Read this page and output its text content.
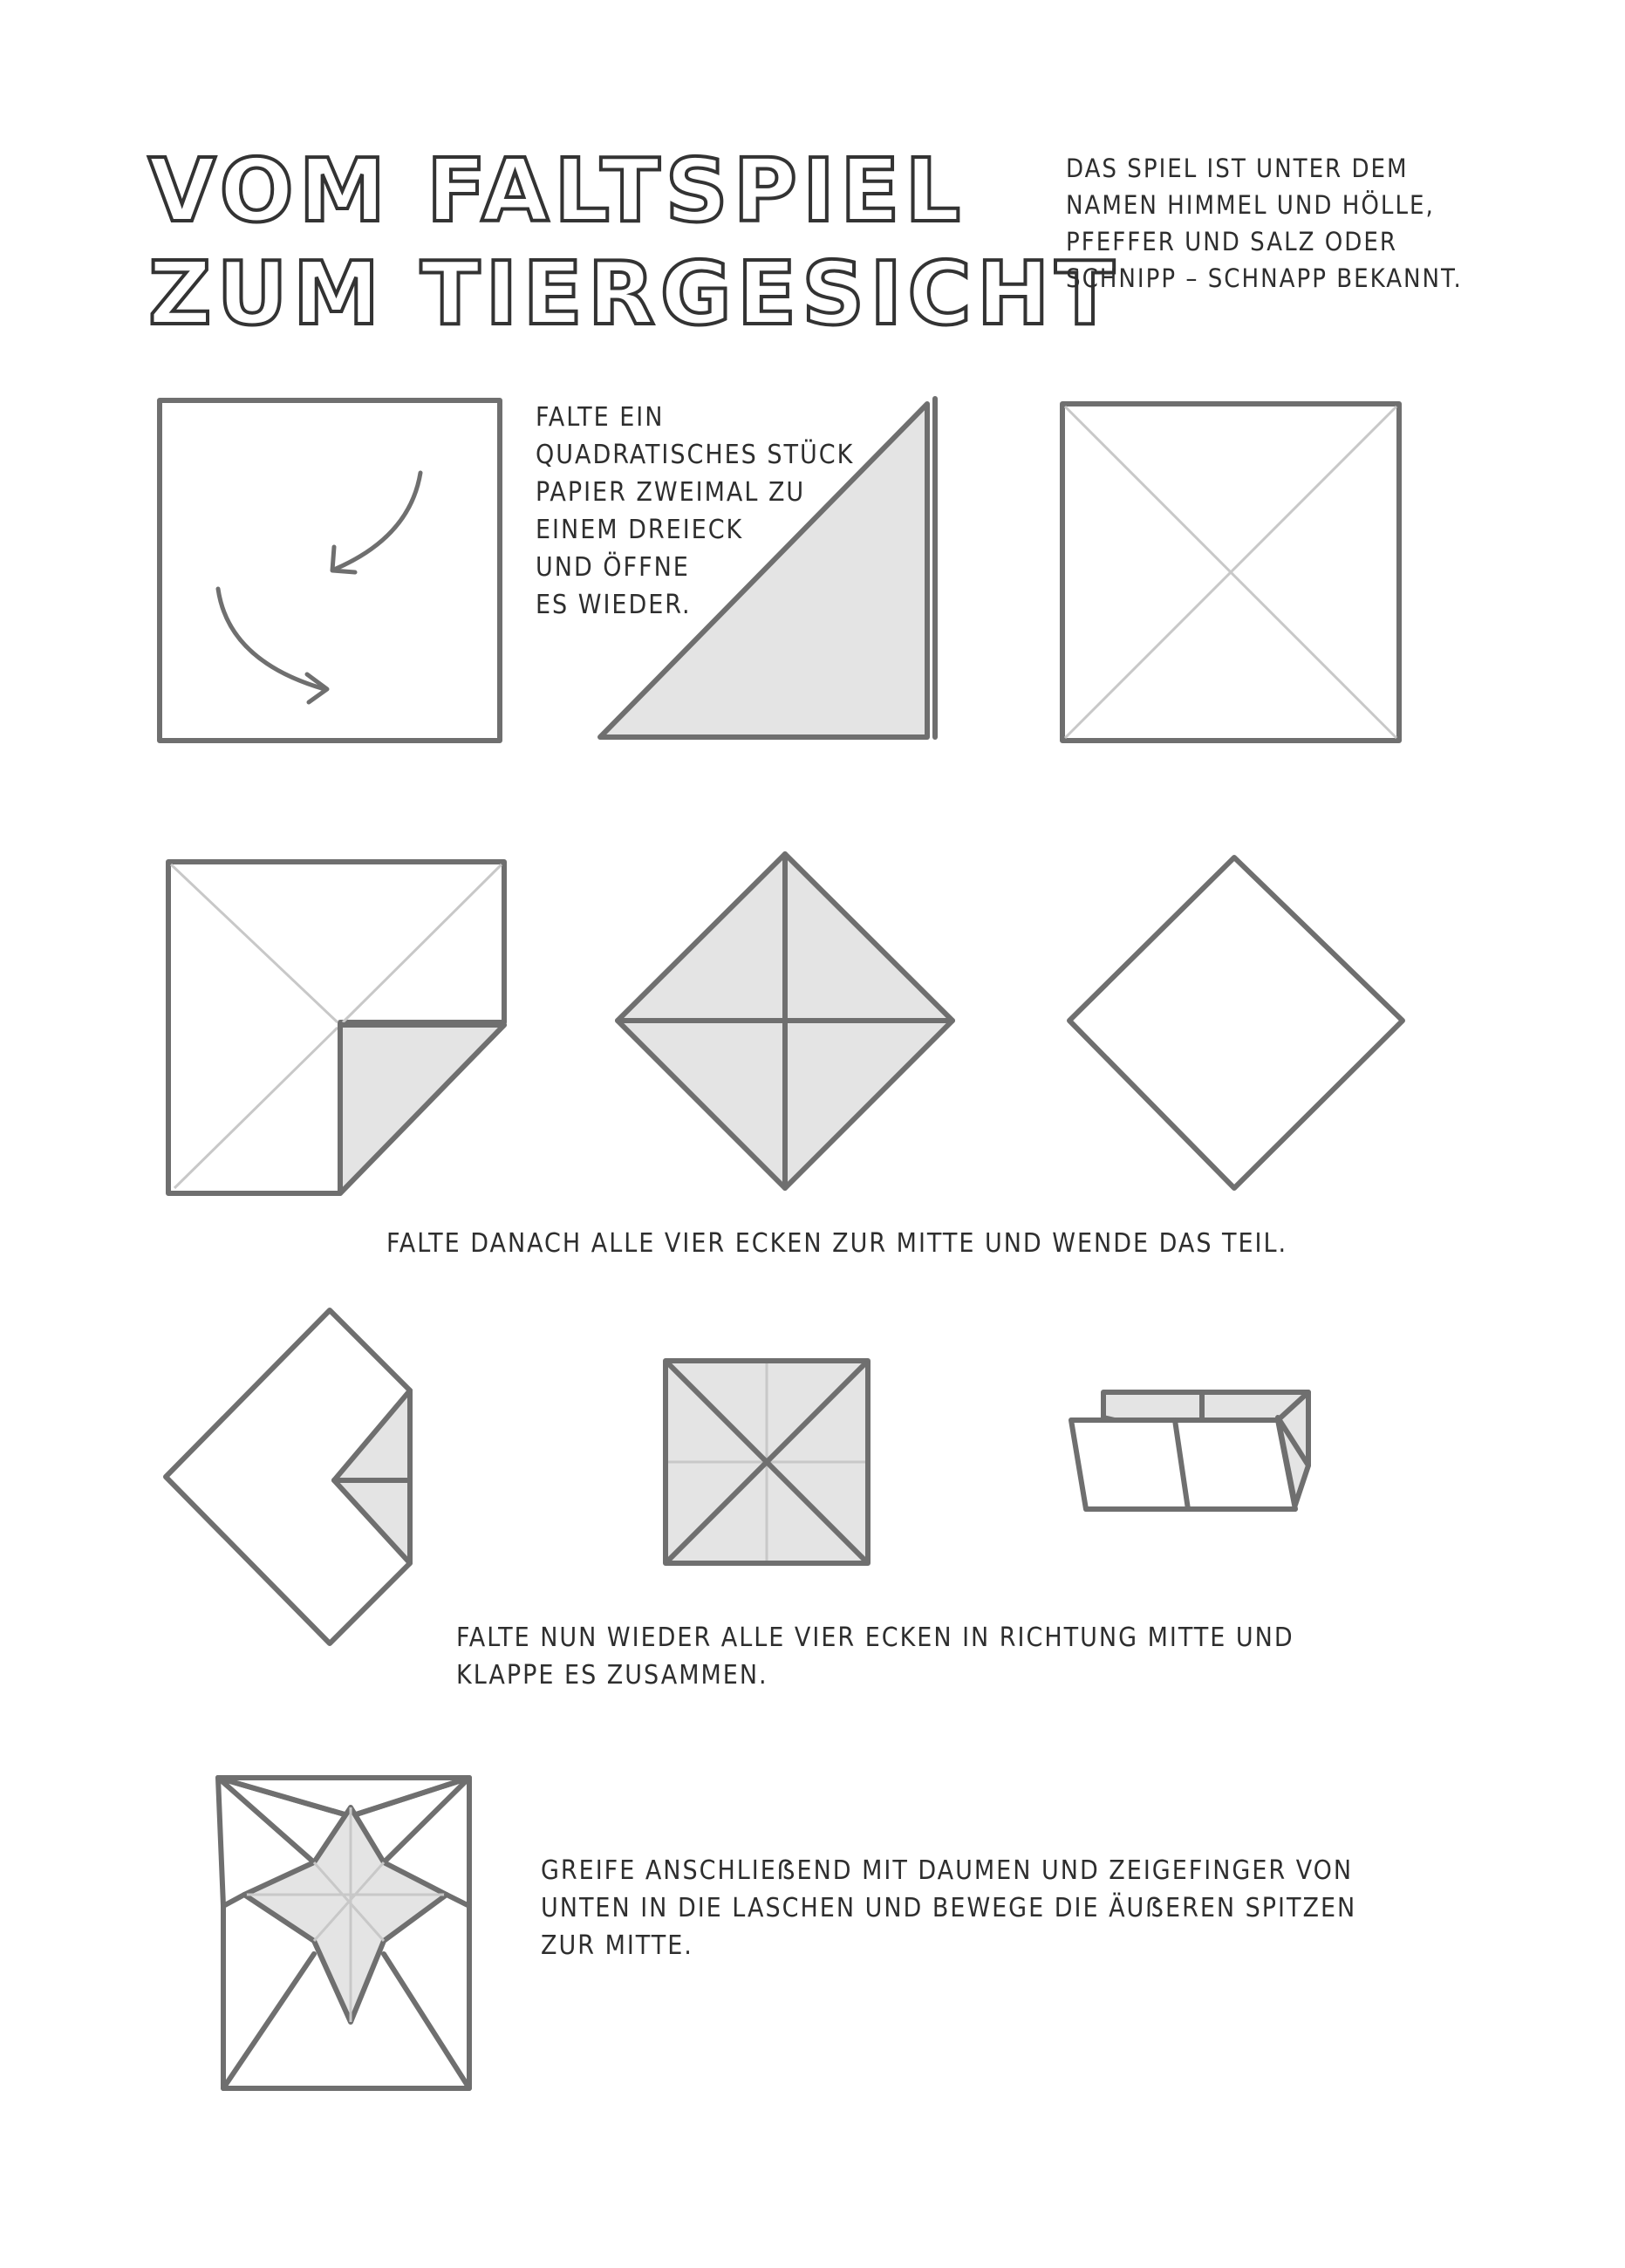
VOM FALTSPIEL
ZUM TIERGESICHT

DAS SPIEL IST UNTER DEM
NAMEN HIMMEL UND HÖLLE,
PFEFFER UND SALZ ODER
SCHNIPP – SCHNAPP BEKANNT.

FALTE EIN
QUADRATISCHES STÜCK
PAPIER ZWEIMAL ZU
EINEM DREIECK
UND ÖFFNE
ES WIEDER.

FALTE DANACH ALLE VIER ECKEN ZUR MITTE UND WENDE DAS TEIL.

FALTE NUN WIEDER ALLE VIER ECKEN IN RICHTUNG MITTE UND
KLAPPE ES ZUSAMMEN.

GREIFE ANSCHLIEẞEND MIT DAUMEN UND ZEIGEFINGER VON
UNTEN IN DIE LASCHEN UND BEWEGE DIE ÄUẞEREN SPITZEN
ZUR MITTE.
